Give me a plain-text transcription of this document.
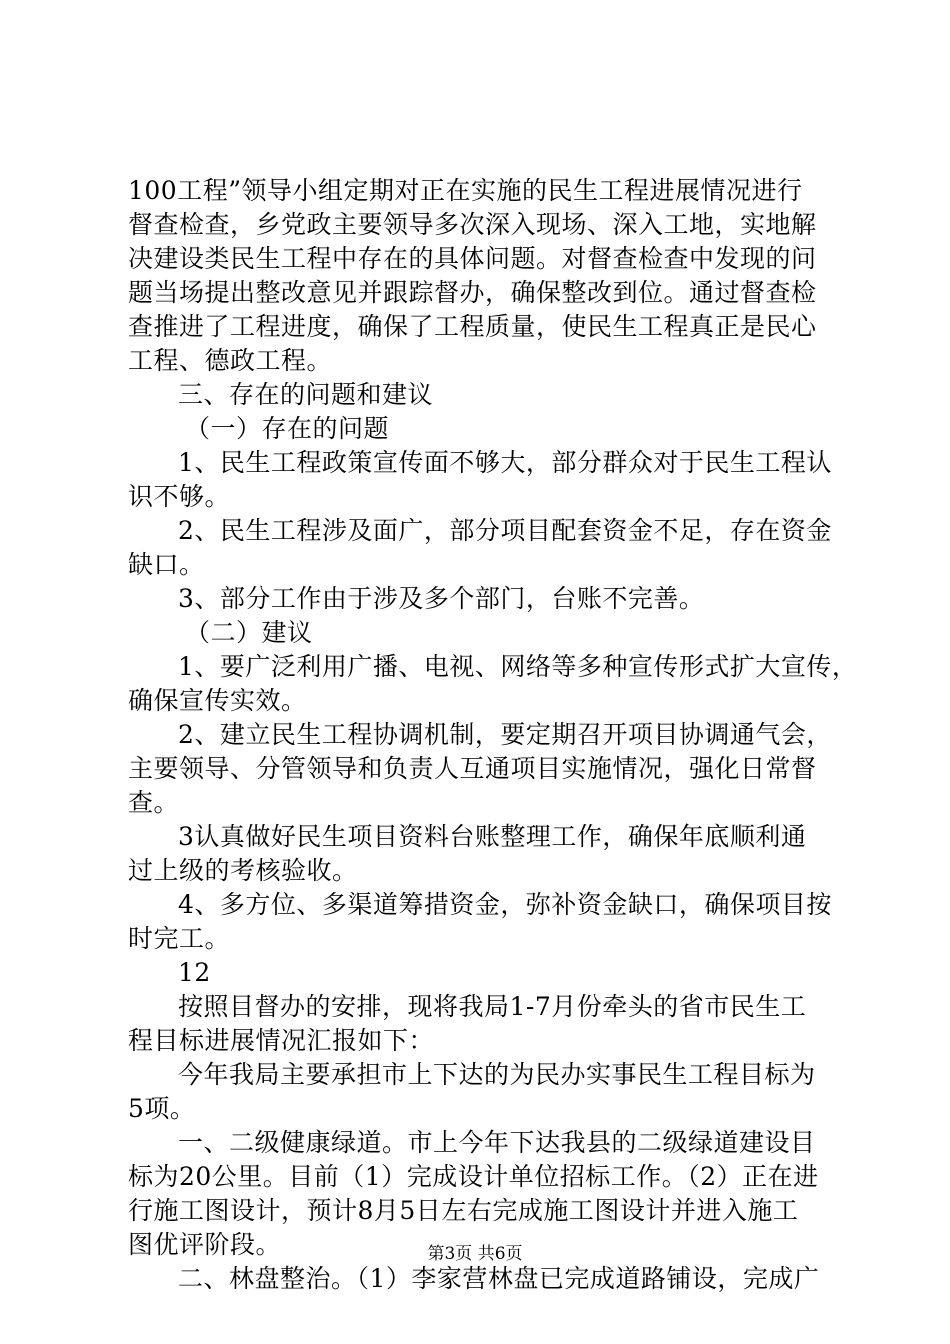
100工程”领导小组定期对正在实施的民生工程进展情况进行
督查检查，乡党政主要领导多次深入现场、深入工地，实地解
决建设类民生工程中存在的具体问题。对督查检查中发现的问
题当场提出整改意见并跟踪督办，确保整改到位。通过督查检
查推进了工程进度，确保了工程质量，使民生工程真正是民心
工程、德政工程。
三、存在的问题和建议
（一）存在的问题
1、民生工程政策宣传面不够大，部分群众对于民生工程认
识不够。
2、民生工程涉及面广，部分项目配套资金不足，存在资金
缺口。
3、部分工作由于涉及多个部门，台账不完善。
（二）建议
1、要广泛利用广播、电视、网络等多种宣传形式扩大宣传，
确保宣传实效。
2、建立民生工程协调机制，要定期召开项目协调通气会，
主要领导、分管领导和负责人互通项目实施情况，强化日常督
查。
3认真做好民生项目资料台账整理工作，确保年底顺利通
过上级的考核验收。
4、多方位、多渠道筹措资金，弥补资金缺口，确保项目按
时完工。
12
按照目督办的安排，现将我局1-7月份牵头的省市民生工
程目标进展情况汇报如下：
今年我局主要承担市上下达的为民办实事民生工程目标为
5项。
一、二级健康绿道。市上今年下达我县的二级绿道建设目
标为20公里。目前（1）完成设计单位招标工作。（2）正在进
行施工图设计，预计8月5日左右完成施工图设计并进入施工
图优评阶段。
二、林盘整治。（1）李家营林盘已完成道路铺设，完成广
第3页 共6页
